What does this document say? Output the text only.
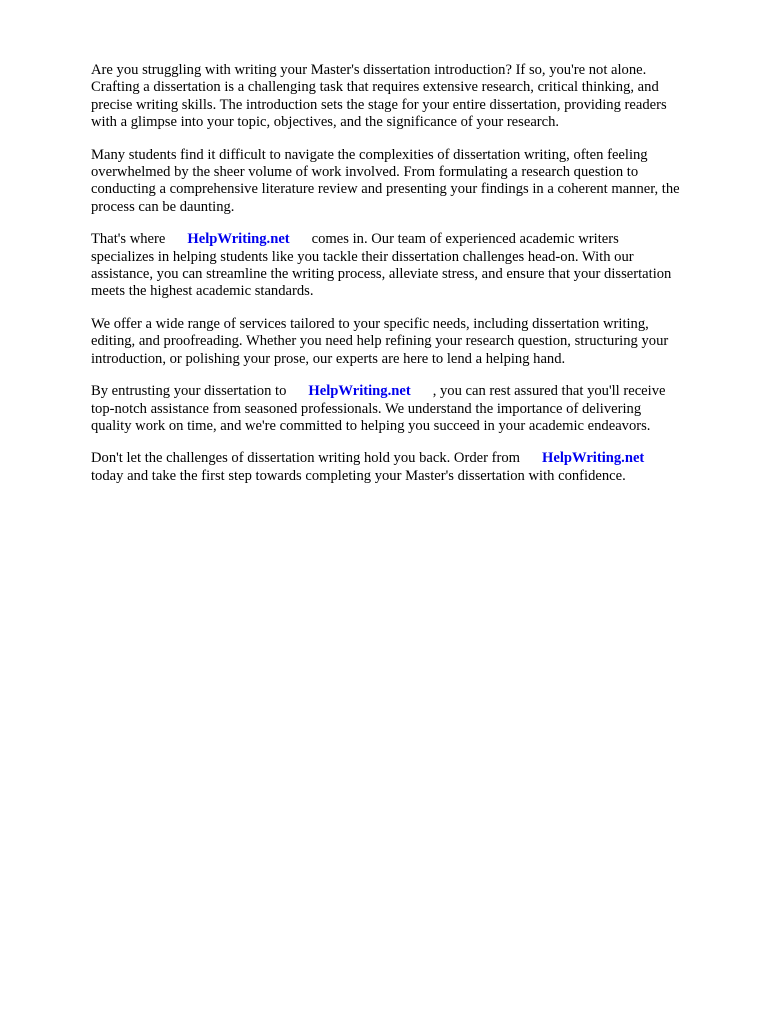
Are you struggling with writing your Master's dissertation introduction? If so, you're not alone.
Crafting a dissertation is a challenging task that requires extensive research, critical thinking, and
precise writing skills. The introduction sets the stage for your entire dissertation, providing readers
with a glimpse into your topic, objectives, and the significance of your research.

Many students find it difficult to navigate the complexities of dissertation writing, often feeling
overwhelmed by the sheer volume of work involved. From formulating a research question to
conducting a comprehensive literature review and presenting your findings in a coherent manner, the
process can be daunting.

That's where HelpWriting.net comes in. Our team of experienced academic writers
specializes in helping students like you tackle their dissertation challenges head-on. With our
assistance, you can streamline the writing process, alleviate stress, and ensure that your dissertation
meets the highest academic standards.

We offer a wide range of services tailored to your specific needs, including dissertation writing,
editing, and proofreading. Whether you need help refining your research question, structuring your
introduction, or polishing your prose, our experts are here to lend a helping hand.

By entrusting your dissertation to HelpWriting.net , you can rest assured that you'll receive
top-notch assistance from seasoned professionals. We understand the importance of delivering
quality work on time, and we're committed to helping you succeed in your academic endeavors.

Don't let the challenges of dissertation writing hold you back. Order from HelpWriting.net
today and take the first step towards completing your Master's dissertation with confidence.
